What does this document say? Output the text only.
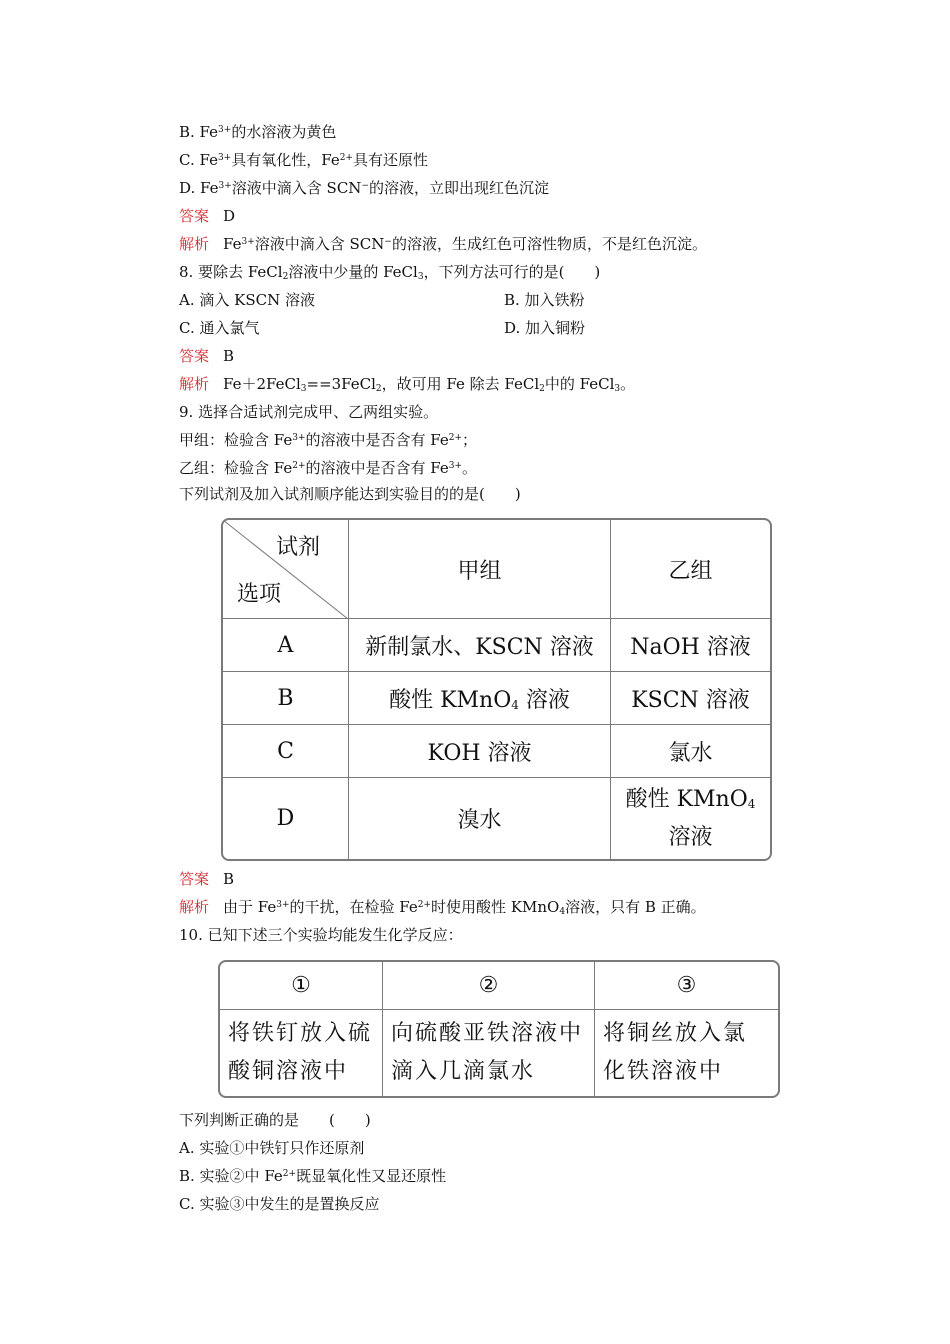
B. $Fe^{3+}$的水溶液为黄色
C. $Fe^{3+}$具有氧化性，$Fe^{2+}$具有还原性
D. $Fe^{3+}$溶液中滴入含 SCN−的溶液，立即出现红色沉淀
答案 D
解析 $Fe^{3+}$溶液中滴入含 SCN−的溶液，生成红色可溶性物质，不是红色沉淀。
8. 要除去 FeCl$_2$溶液中少量的 FeCl$_3$，下列方法可行的是(　　)
A. 滴入 KSCN 溶液	B. 加入铁粉
C. 通入氯气	D. 加入铜粉
答案 B
解析 Fe＋2FeCl$_3$==3FeCl$_2$，故可用 Fe 除去 FeCl$_2$中的 FeCl$_3$。
9. 选择合适试剂完成甲、乙两组实验。
甲组：检验含 $Fe^{3+}$的溶液中是否含有 $Fe^{2+}$；
乙组：检验含 $Fe^{2+}$的溶液中是否含有 $Fe^{3+}$。
下列试剂及加入试剂顺序能达到实验目的的是(　　)
试剂
选项	甲组	乙组
A	新制氯水、KSCN 溶液	NaOH 溶液
B	酸性 KMnO$_4$ 溶液	KSCN 溶液
C	KOH 溶液	氯水
D	溴水	酸性 KMnO$_4$
溶液
答案 B
解析 由于 $Fe^{3+}$的干扰，在检验 $Fe^{2+}$时使用酸性 KMnO$_4$溶液，只有 B 正确。
10. 已知下述三个实验均能发生化学反应：
①	②	③
将铁钉放入硫酸铜溶液中	向硫酸亚铁溶液中滴入几滴氯水	将铜丝放入氯化铁溶液中
下列判断正确的是　　(　　)
A. 实验①中铁钉只作还原剂
B. 实验②中 $Fe^{2+}$既显氧化性又显还原性
C. 实验③中发生的是置换反应
